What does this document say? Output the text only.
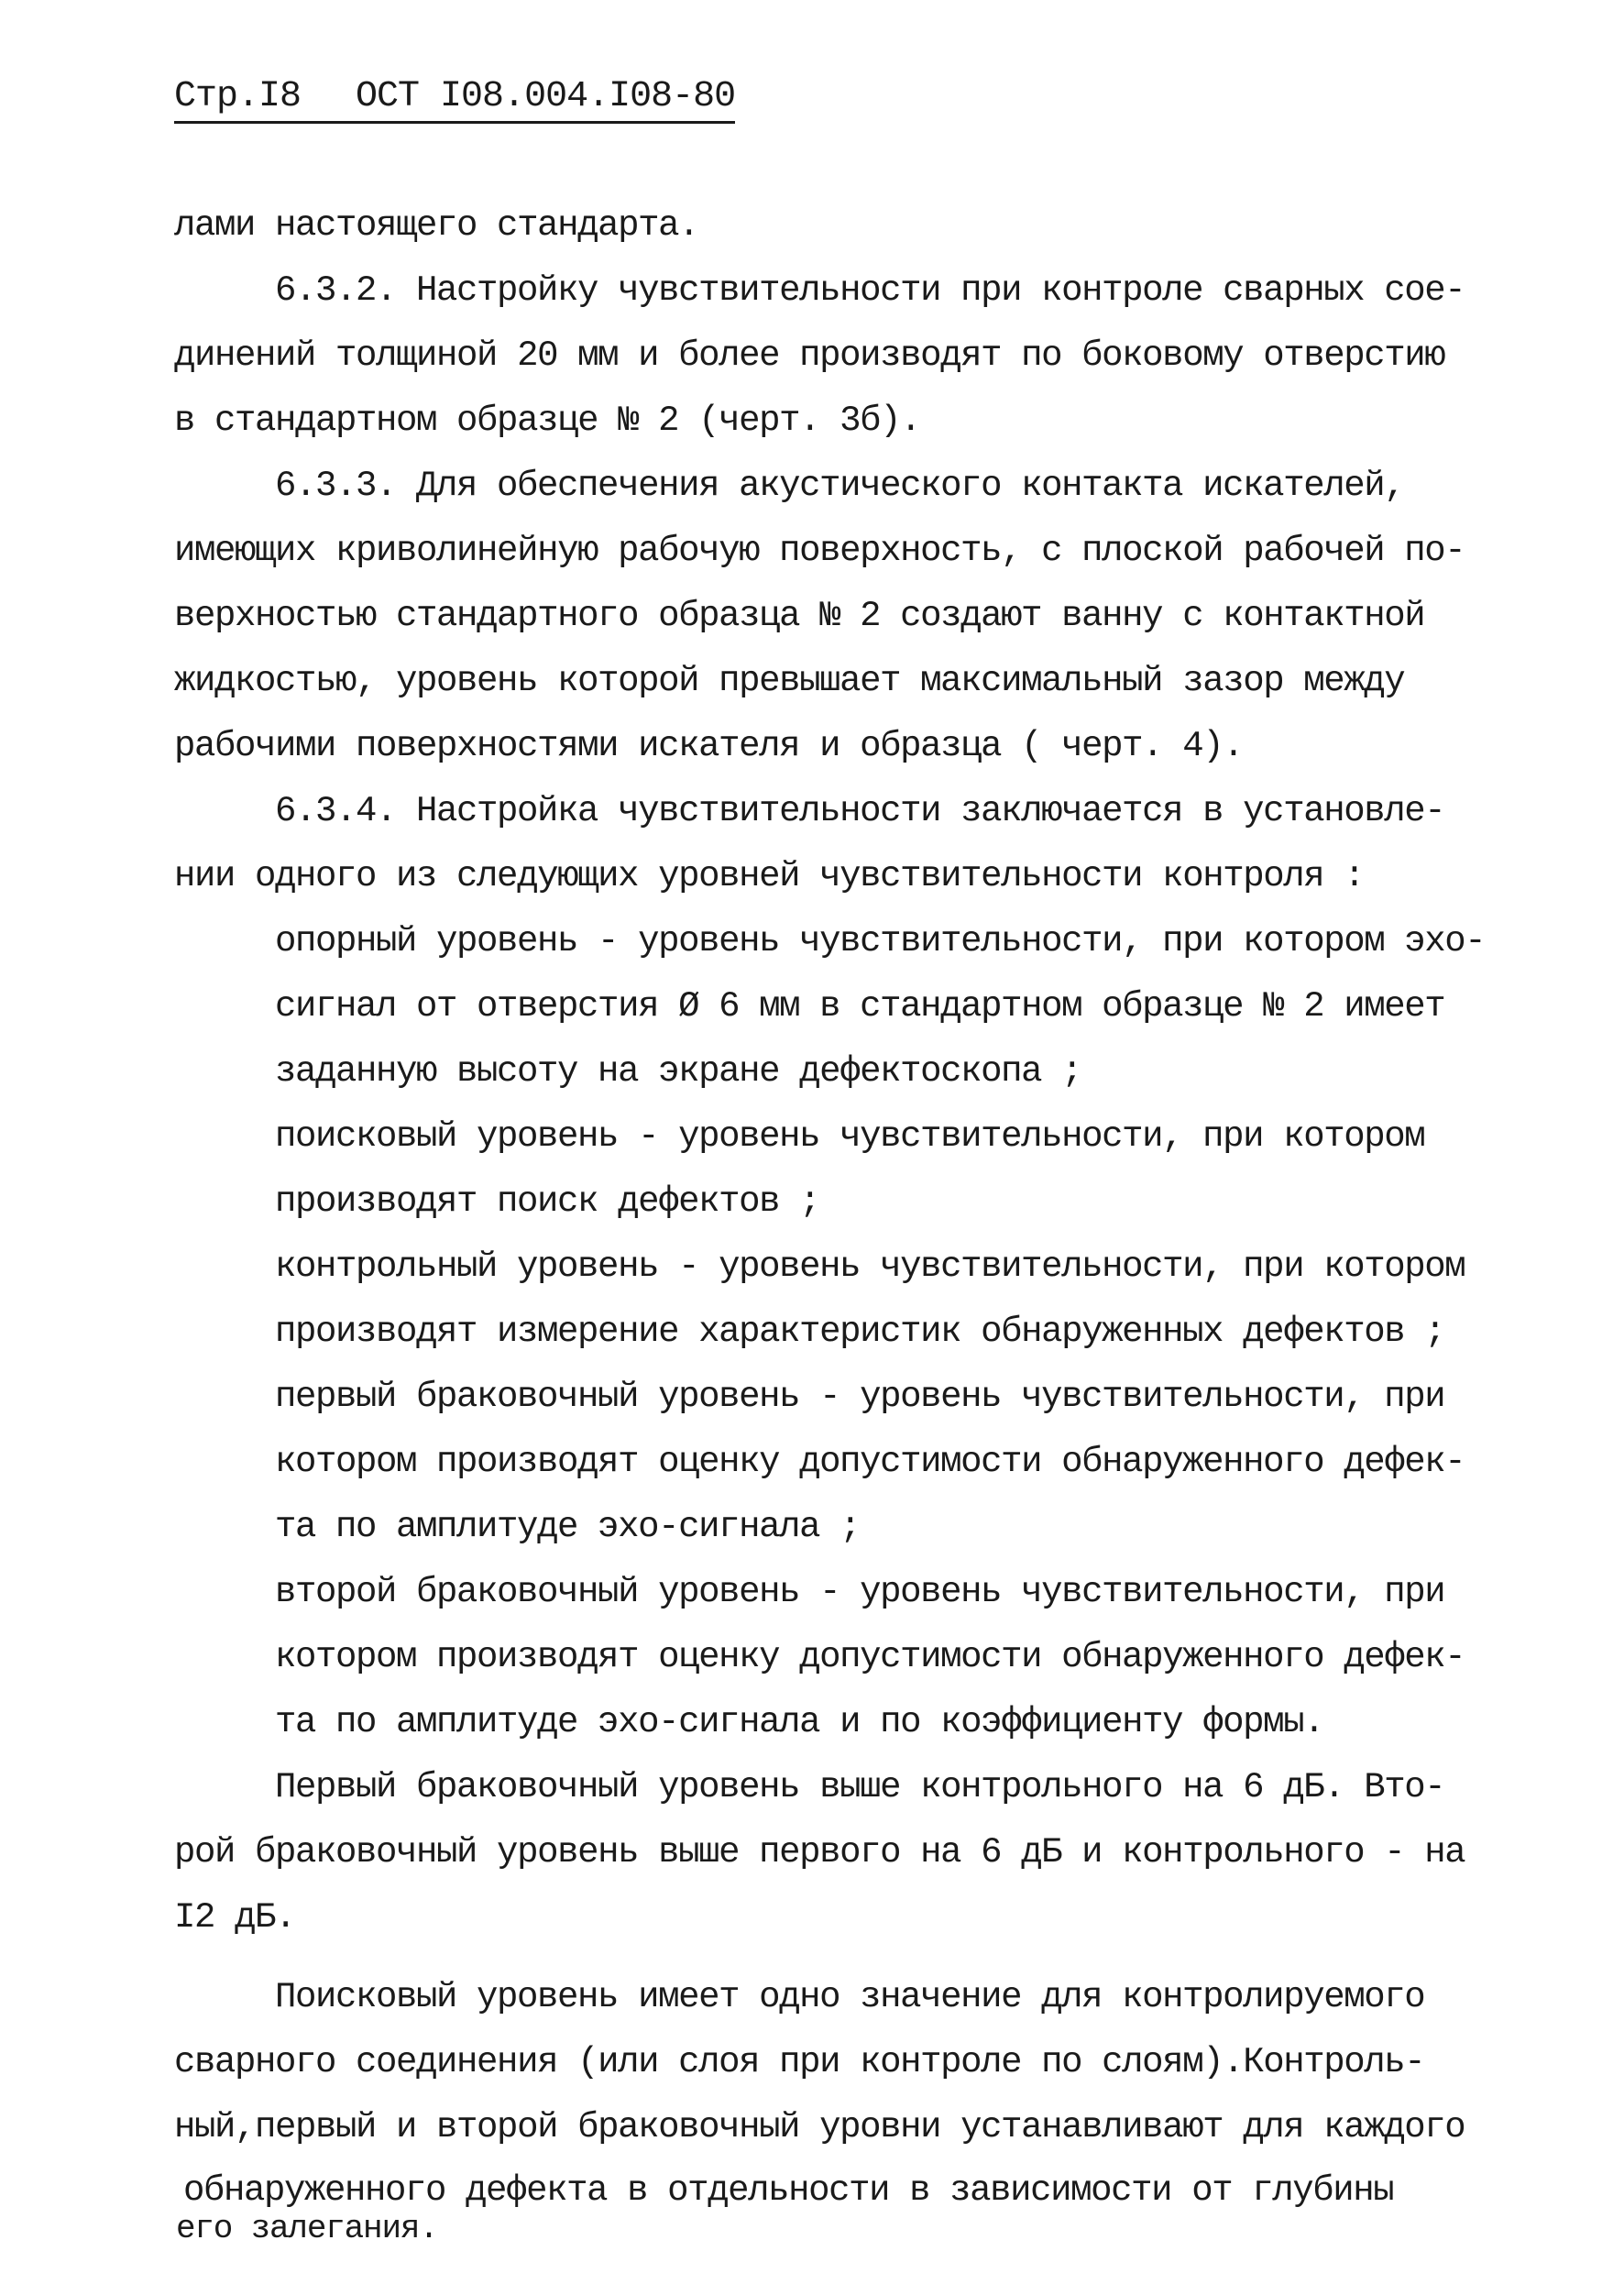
Стр.I8 ОСТ I08.004.I08-80
лами настоящего стандарта.
6.3.2. Настройку чувствительности при контроле сварных сое-
динений толщиной 20 мм и более производят по боковому отверстию
в стандартном образце № 2 (черт. 3б).
6.3.3. Для обеспечения акустического контакта искателей,
имеющих криволинейную рабочую поверхность, с плоской рабочей по-
верхностью стандартного образца № 2 создают ванну с контактной
жидкостью, уровень которой превышает максимальный зазор между
рабочими поверхностями искателя и образца ( черт. 4).
6.3.4. Настройка чувствительности заключается в установле-
нии одного из следующих уровней чувствительности контроля :
опорный уровень - уровень чувствительности, при котором эхо-
сигнал от отверстия Ø 6 мм в стандартном образце № 2 имеет
заданную высоту на экране дефектоскопа ;
поисковый уровень - уровень чувствительности, при котором
производят поиск дефектов ;
контрольный уровень - уровень чувствительности, при котором
производят измерение характеристик обнаруженных дефектов ;
первый браковочный уровень - уровень чувствительности, при
котором производят оценку допустимости обнаруженного дефек-
та по амплитуде эхо-сигнала ;
второй браковочный уровень - уровень чувствительности, при
котором производят оценку допустимости обнаруженного дефек-
та по амплитуде эхо-сигнала и по коэффициенту формы.
Первый браковочный уровень выше контрольного на 6 дБ. Вто-
рой браковочный уровень выше первого на 6 дБ и контрольного - на
I2 дБ.
Поисковый уровень имеет одно значение для контролируемого
сварного соединения (или слоя при контроле по слоям).Контроль-
ный,первый и второй браковочный уровни устанавливают для каждого
обнаруженного дефекта в отдельности в зависимости от глубины
его залегания.
